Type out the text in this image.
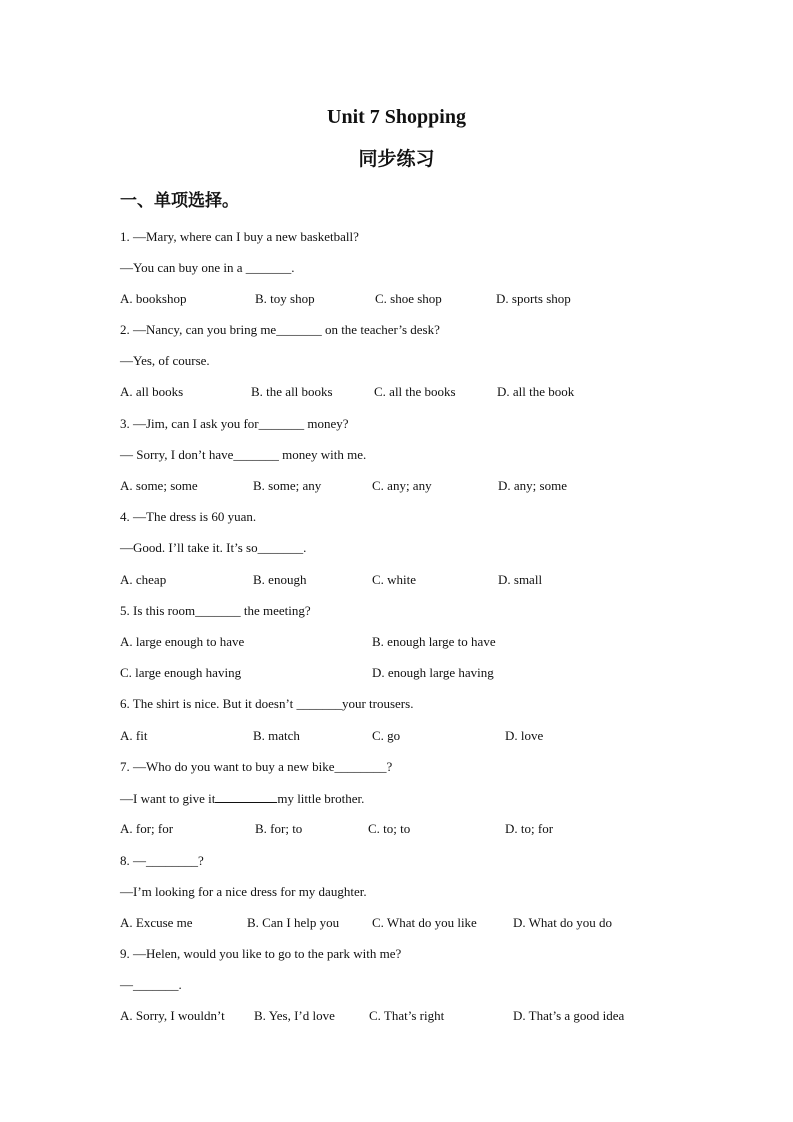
Unit 7 Shopping
同步练习
一、单项选择。
1. —Mary, where can I buy a new basketball?
—You can buy one in a _______.
A. bookshop	B. toy shop	C. shoe shop	D. sports shop
2. —Nancy, can you bring me_______ on the teacher’s desk?
—Yes, of course.
A. all books	B. the all books	C. all the books	D. all the book
3. —Jim, can I ask you for_______ money?
— Sorry, I don’t have_______ money with me.
A. some; some	B. some; any	C. any; any	D. any; some
4. —The dress is 60 yuan.
—Good. I’ll take it. It’s so_______.
A. cheap	B. enough	C. white	D. small
5. Is this room_______ the meeting?
A. large enough to have	B. enough large to have
C. large enough having	D. enough large having
6. The shirt is nice. But it doesn’t _______your trousers.
A. fit	B. match	C. go	D. love
7. —Who do you want to buy a new bike________?
—I want to give it	my little brother.
A. for; for	B. for; to	C. to; to	D. to; for
8. —________?
—I’m looking for a nice dress for my daughter.
A. Excuse me	B. Can I help you	C. What do you like	D. What do you do
9. —Helen, would you like to go to the park with me?
—_______.
A. Sorry, I wouldn’t B. Yes, I’d love	C. That’s right	D. That’s a good idea
